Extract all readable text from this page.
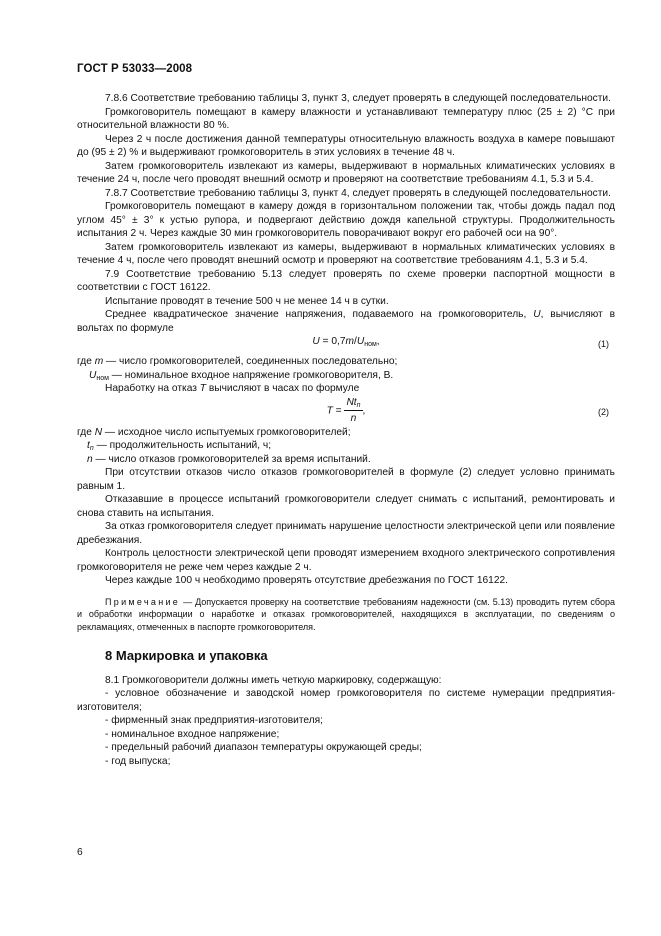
ГОСТ Р 53033—2008

7.8.6 Соответствие требованию таблицы 3, пункт 3, следует проверять в следующей последовательности.

Громкоговоритель помещают в камеру влажности и устанавливают температуру плюс (25 ± 2) °С при относительной влажности 80 %.

Через 2 ч после достижения данной температуры относительную влажность воздуха в камере повышают до (95 ± 2) % и выдерживают громкоговоритель в этих условиях в течение 48 ч.

Затем громкоговоритель извлекают из камеры, выдерживают в нормальных климатических условиях в течение 24 ч, после чего проводят внешний осмотр и проверяют на соответствие требованиям 4.1, 5.3 и 5.4.

7.8.7 Соответствие требованию таблицы 3, пункт 4, следует проверять в следующей последовательности.

Громкоговоритель помещают в камеру дождя в горизонтальном положении так, чтобы дождь падал под углом 45° ± 3° к устью рупора, и подвергают действию дождя капельной структуры. Продолжительность испытания 2 ч. Через каждые 30 мин громкоговоритель поворачивают вокруг его рабочей оси на 90°.

Затем громкоговоритель извлекают из камеры, выдерживают в нормальных климатических условиях в течение 4 ч, после чего проводят внешний осмотр и проверяют на соответствие требованиям 4.1, 5.3 и 5.4.

7.9 Соответствие требованию 5.13 следует проверять по схеме проверки паспортной мощности в соответствии с ГОСТ 16122.

Испытание проводят в течение 500 ч не менее 14 ч в сутки.

Среднее квадратическое значение напряжения, подаваемого на громкоговоритель, U, вычисляют в вольтах по формуле

$U = 0,7m/U_{ном}$,	(1)

где m — число громкоговорителей, соединенных последовательно;

$U_{ном}$ — номинальное входное напряжение громкоговорителя, В.

Наработку на отказ T вычисляют в часах по формуле

$T = \frac{Nt_n}{n}$ ,	(2)

где N — исходное число испытуемых громкоговорителей;

$t_n$ — продолжительность испытаний, ч;

n — число отказов громкоговорителей за время испытаний.

При отсутствии отказов число отказов громкоговорителей в формуле (2) следует условно принимать равным 1.

Отказавшие в процессе испытаний громкоговорители следует снимать с испытаний, ремонтировать и снова ставить на испытания.

За отказ громкоговорителя следует принимать нарушение целостности электрической цепи или появление дребезжания.

Контроль целостности электрической цепи проводят измерением входного электрического сопротивления громкоговорителя не реже чем через каждые 2 ч.

Через каждые 100 ч необходимо проверять отсутствие дребезжания по ГОСТ 16122.

Примечание — Допускается проверку на соответствие требованиям надежности (см. 5.13) проводить путем сбора и обработки информации о наработке и отказах громкоговорителей, находящихся в эксплуатации, по сведениям о рекламациях, отмеченных в паспорте громкоговорителя.

8 Маркировка и упаковка

8.1 Громкоговорители должны иметь четкую маркировку, содержащую:

- условное обозначение и заводской номер громкоговорителя по системе нумерации предприятия-изготовителя;

- фирменный знак предприятия-изготовителя;

- номинальное входное напряжение;

- предельный рабочий диапазон температуры окружающей среды;

- год выпуска;

6
